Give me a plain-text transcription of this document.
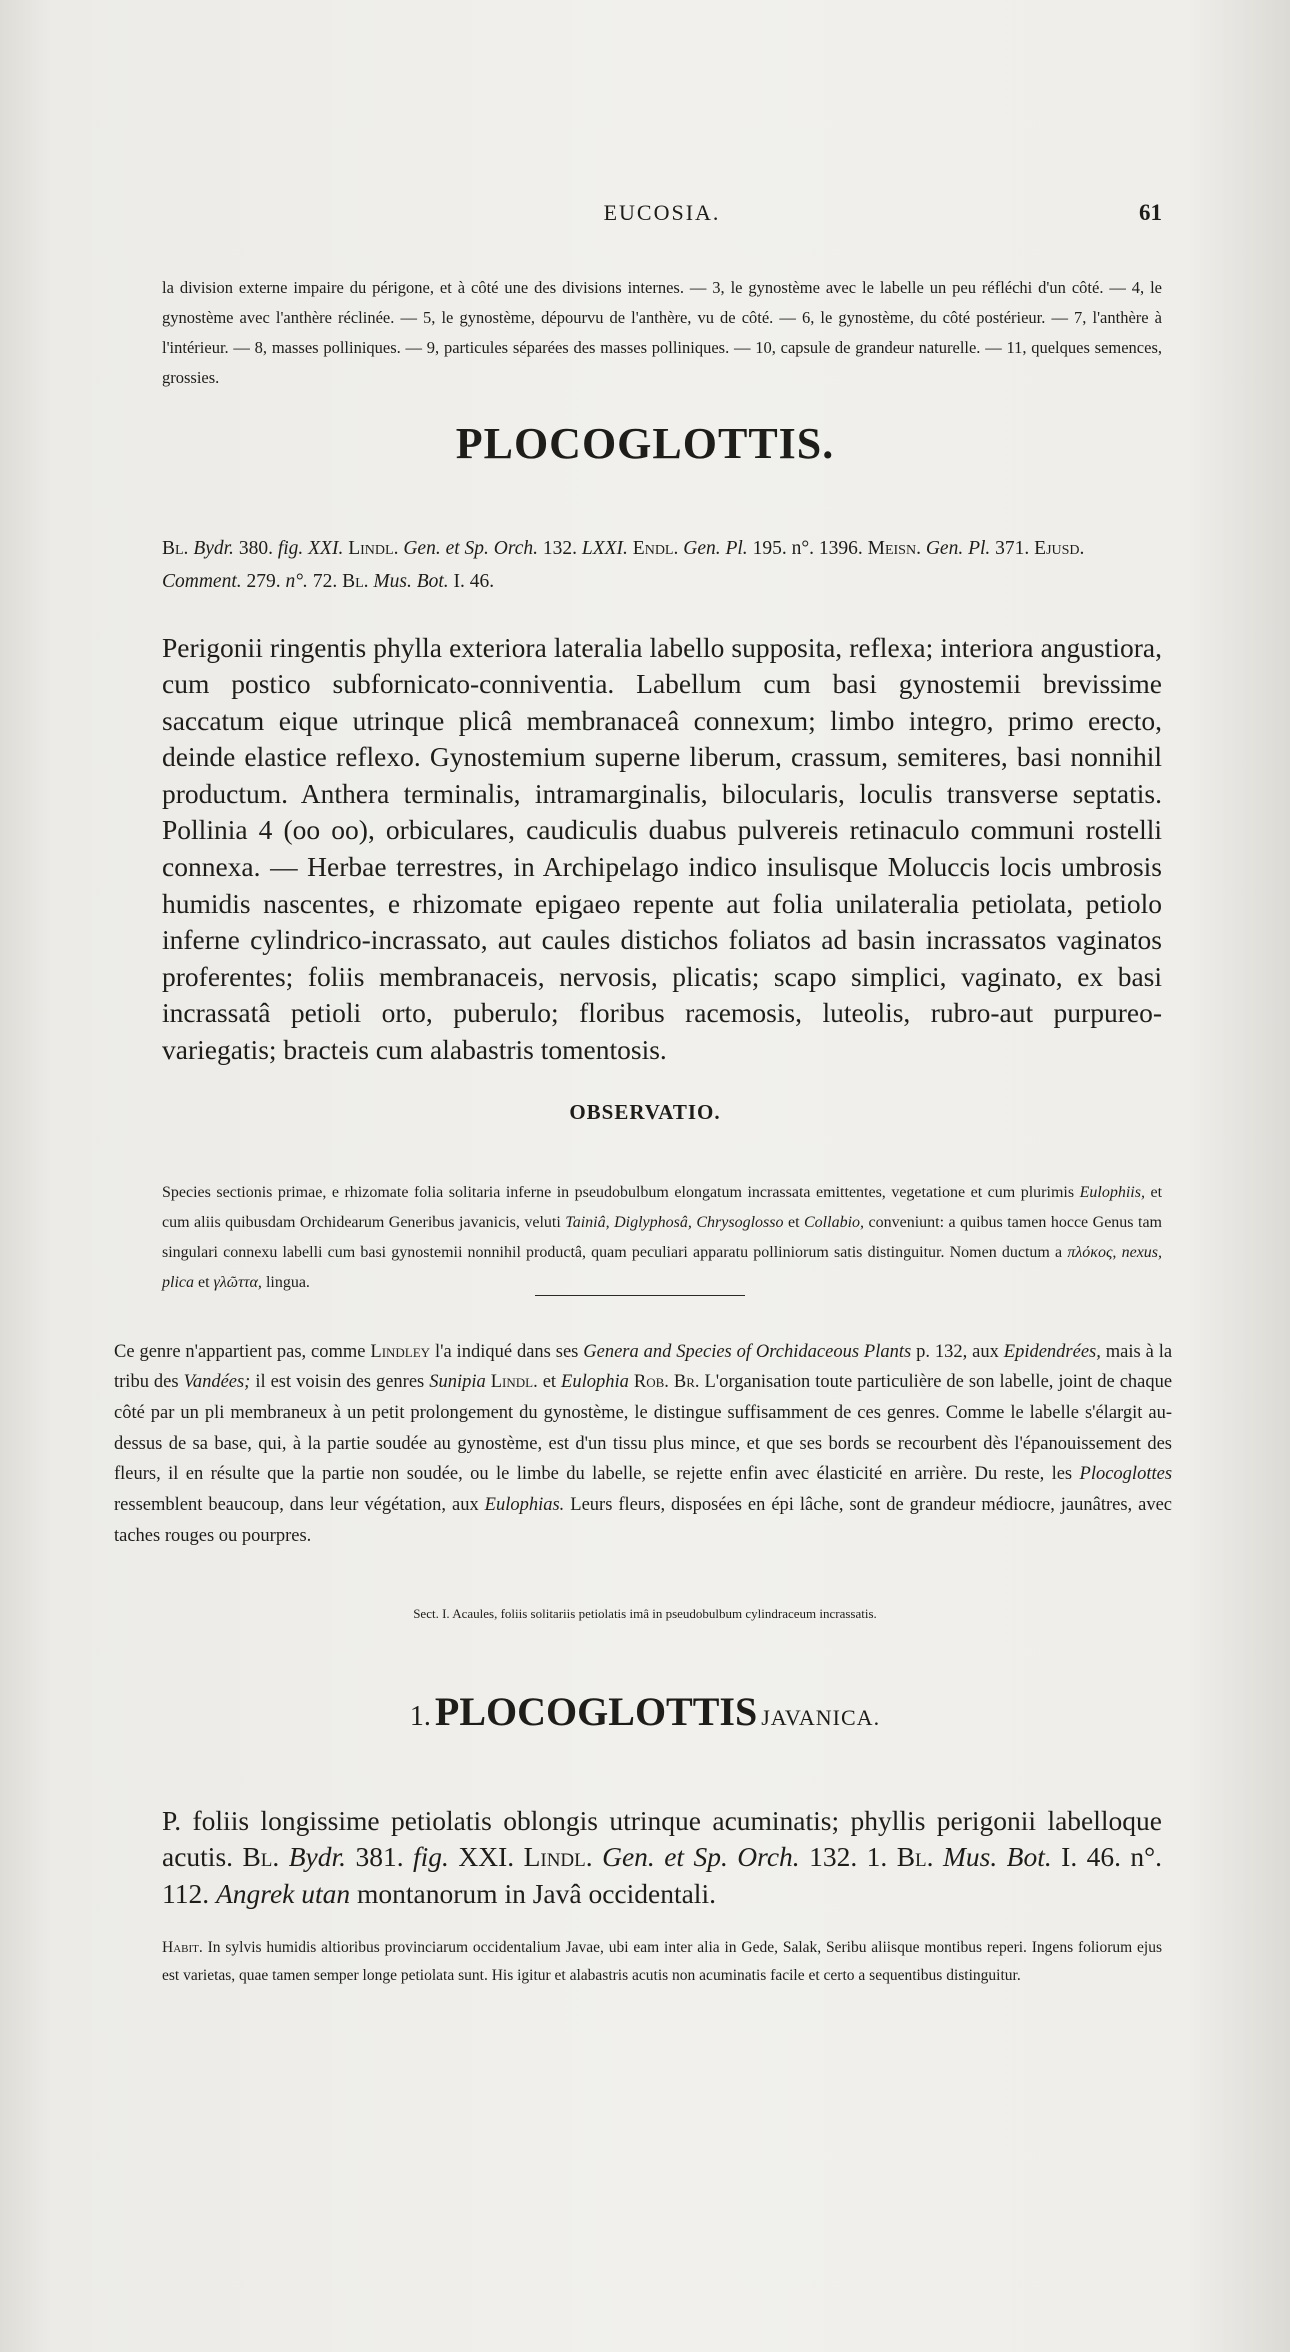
EUCOSIA.	61

la division externe impaire du périgone, et à côté une des divisions internes. — 3, le gynostème avec le labelle un peu réfléchi d'un côté. — 4, le gynostème avec l'anthère réclinée. — 5, le gynostème, dépourvu de l'anthère, vu de côté. — 6, le gynostème, du côté postérieur. — 7, l'anthère à l'intérieur. — 8, masses polliniques. — 9, particules séparées des masses polliniques. — 10, capsule de grandeur naturelle. — 11, quelques semences, grossies.

PLOCOGLOTTIS.

Bl. Bydr. 380. fig. XXI. Lindl. Gen. et Sp. Orch. 132. LXXI. Endl. Gen. Pl. 195. n°. 1396. Meisn. Gen. Pl. 371. Ejusd. Comment. 279. n°. 72. Bl. Mus. Bot. I. 46.

Perigonii ringentis phylla exteriora lateralia labello supposita, reflexa; interiora angustiora, cum postico subfornicato-conniventia. Labellum cum basi gynostemii brevissime saccatum eique utrinque plicâ membranaceâ connexum; limbo integro, primo erecto, deinde elastice reflexo. Gynostemium superne liberum, crassum, semiteres, basi nonnihil productum. Anthera terminalis, intramarginalis, bilocularis, loculis transverse septatis. Pollinia 4 (oo oo), orbiculares, caudiculis duabus pulvereis retinaculo communi rostelli connexa. — Herbae terrestres, in Archipelago indico insulisque Moluccis locis umbrosis humidis nascentes, e rhizomate epigaeo repente aut folia unilateralia petiolata, petiolo inferne cylindrico-incrassato, aut caules distichos foliatos ad basin incrassatos vaginatos proferentes; foliis membranaceis, nervosis, plicatis; scapo simplici, vaginato, ex basi incrassatâ petioli orto, puberulo; floribus racemosis, luteolis, rubro-aut purpureo-variegatis; bracteis cum alabastris tomentosis.

OBSERVATIO.

Species sectionis primae, e rhizomate folia solitaria inferne in pseudobulbum elongatum incrassata emittentes, vegetatione et cum plurimis Eulophiis, et cum aliis quibusdam Orchidearum Generibus javanicis, veluti Tainiâ, Diglyphosâ, Chrysoglosso et Collabio, conveniunt: a quibus tamen hocce Genus tam singulari connexu labelli cum basi gynostemii nonnihil productâ, quam peculiari apparatu polliniorum satis distinguitur. Nomen ductum a πλόκος, nexus, plica et γλῶττα, lingua.

Ce genre n'appartient pas, comme Lindley l'a indiqué dans ses Genera and Species of Orchidaceous Plants p. 132, aux Epidendrées, mais à la tribu des Vandées; il est voisin des genres Sunipia Lindl. et Eulophia Rob. Br. L'organisation toute particulière de son labelle, joint de chaque côté par un pli membraneux à un petit prolongement du gynostème, le distingue suffisamment de ces genres. Comme le labelle s'élargit au-dessus de sa base, qui, à la partie soudée au gynostème, est d'un tissu plus mince, et que ses bords se recourbent dès l'épanouissement des fleurs, il en résulte que la partie non soudée, ou le limbe du labelle, se rejette enfin avec élasticité en arrière. Du reste, les Plocoglottes ressemblent beaucoup, dans leur végétation, aux Eulophias. Leurs fleurs, disposées en épi lâche, sont de grandeur médiocre, jaunâtres, avec taches rouges ou pourpres.

Sect. I. Acaules, foliis solitariis petiolatis imâ in pseudobulbum cylindraceum incrassatis.
1. PLOCOGLOTTIS JAVANICA.

P. foliis longissime petiolatis oblongis utrinque acuminatis; phyllis perigonii labelloque acutis. Bl. Bydr. 381. fig. XXI. Lindl. Gen. et Sp. Orch. 132. 1. Bl. Mus. Bot. I. 46. n°. 112. Angrek utan montanorum in Javâ occidentali.

Habit. In sylvis humidis altioribus provinciarum occidentalium Javae, ubi eam inter alia in Gede, Salak, Seribu aliisque montibus reperi. Ingens foliorum ejus est varietas, quae tamen semper longe petiolata sunt. His igitur et alabastris acutis non acuminatis facile et certo a sequentibus distinguitur.
